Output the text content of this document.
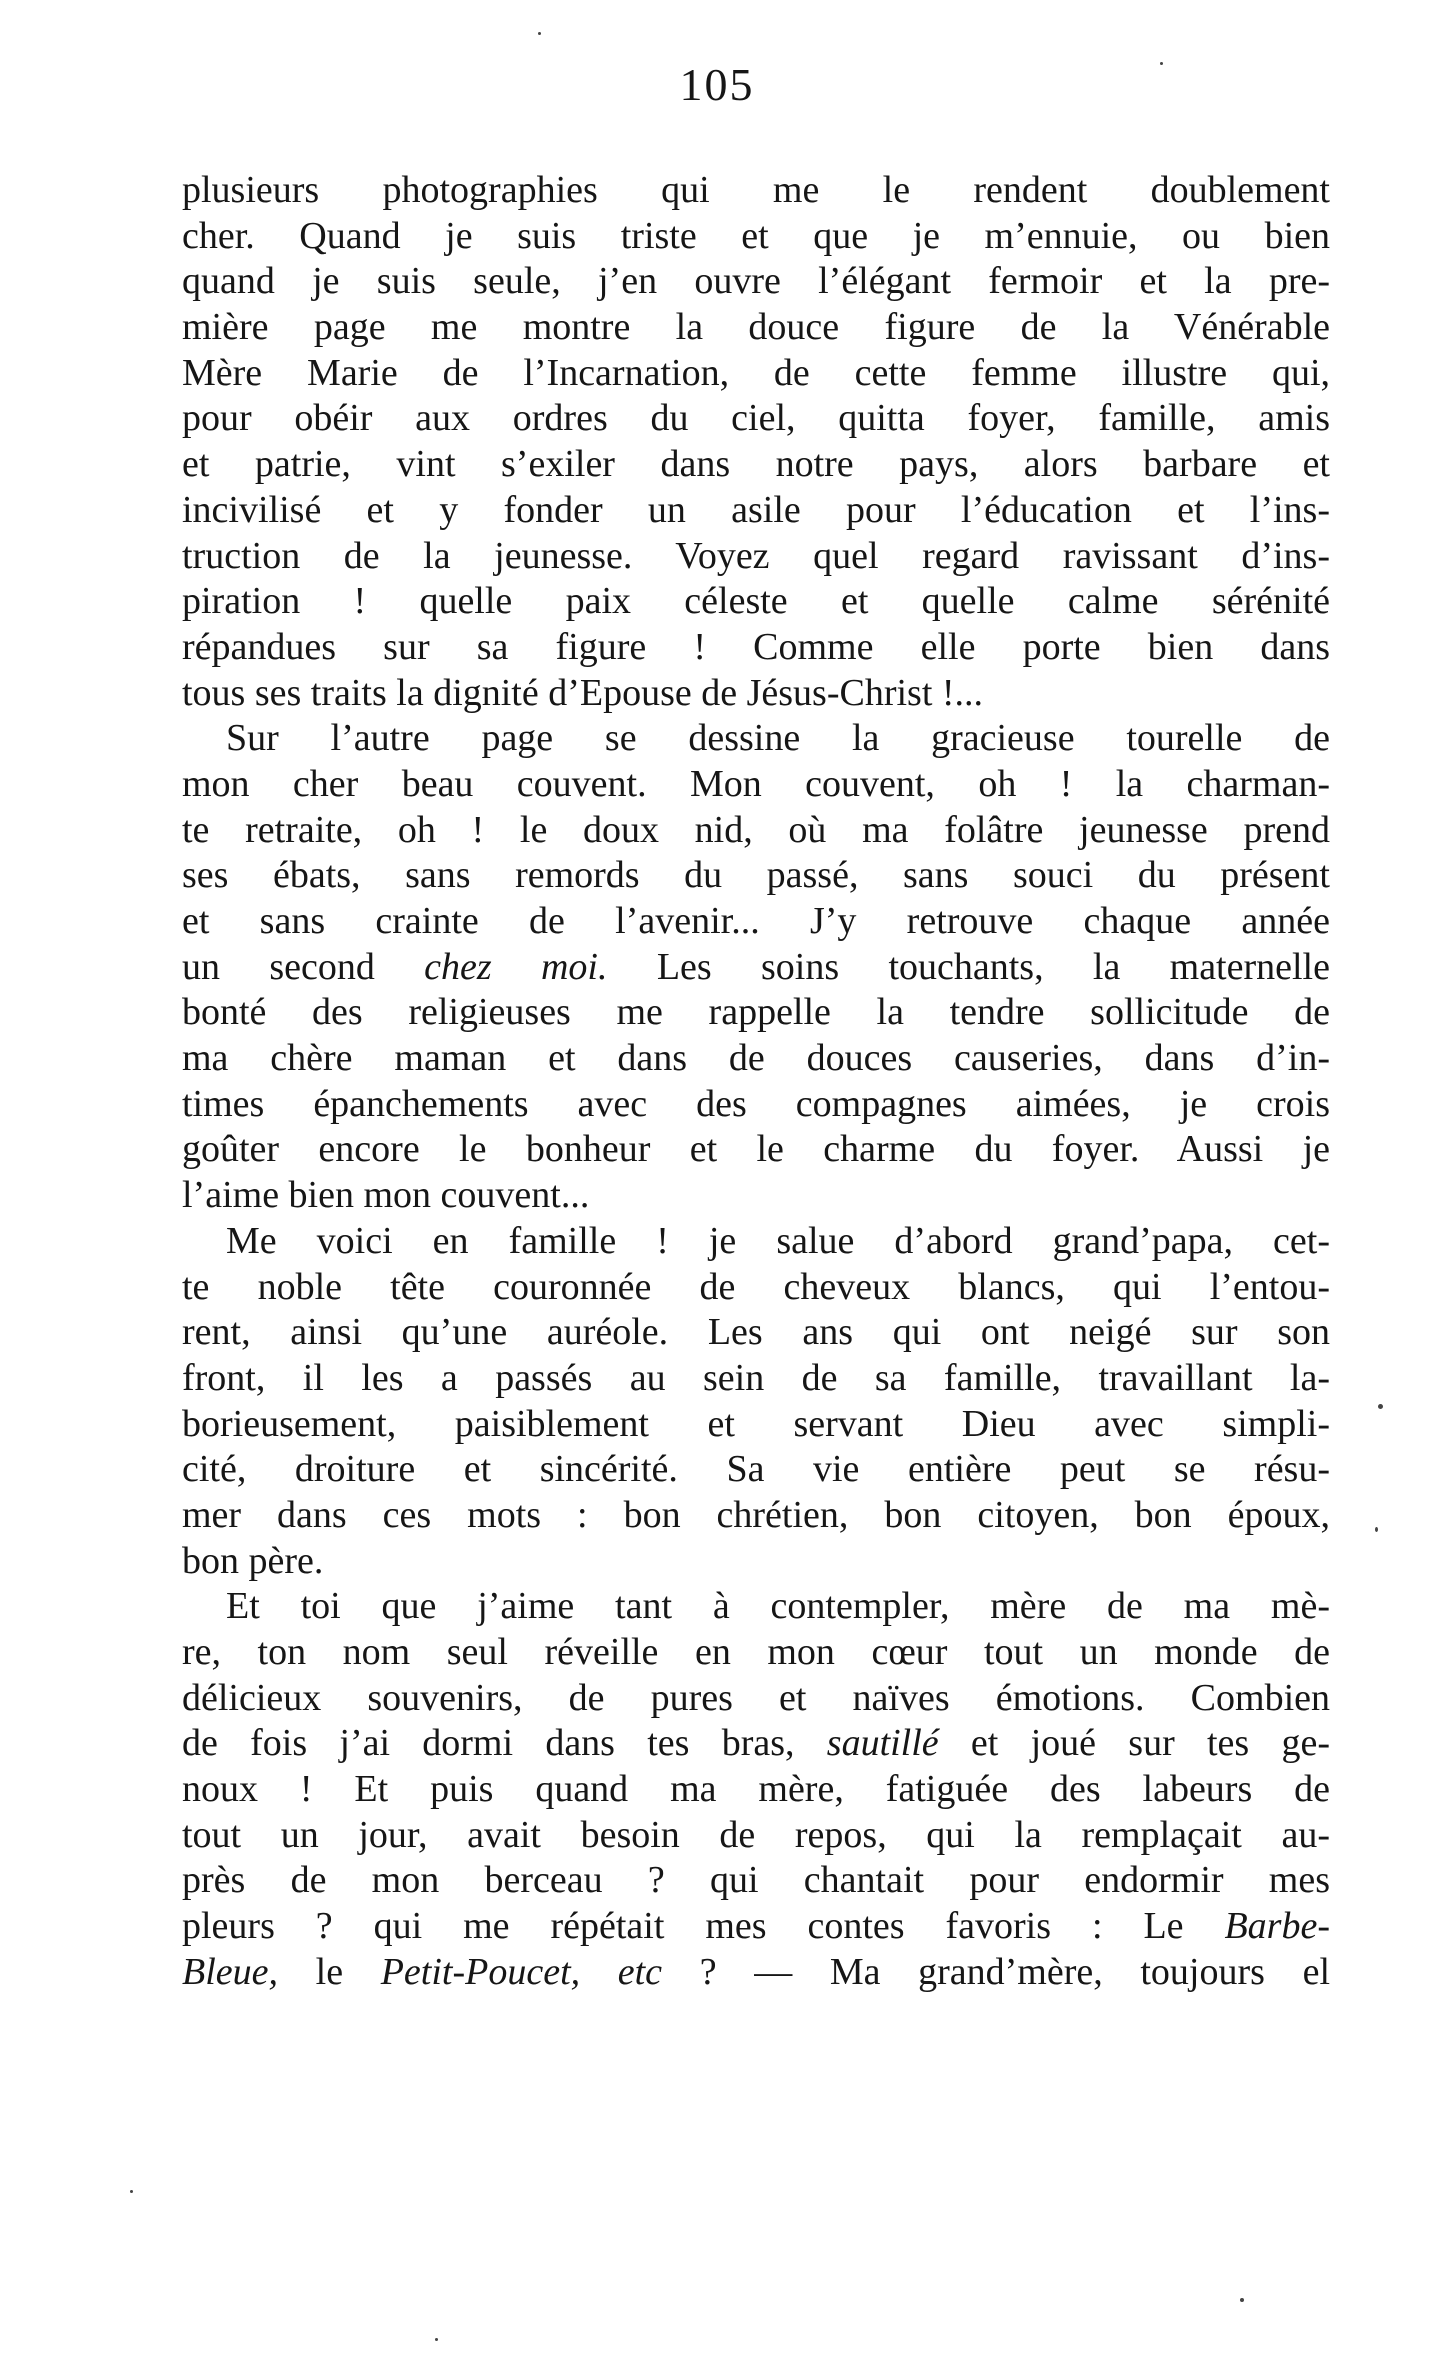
105
plusieurs photographies qui me le rendent doublement
cher. Quand je suis triste et que je m’ennuie, ou bien
quand je suis seule, j’en ouvre l’élégant fermoir et la pre-
mière page me montre la douce figure de la Vénérable
Mère Marie de l’Incarnation, de cette femme illustre qui,
pour obéir aux ordres du ciel, quitta foyer, famille, amis
et patrie, vint s’exiler dans notre pays, alors barbare et
incivilisé et y fonder un asile pour l’éducation et l’ins-
truction de la jeunesse. Voyez quel regard ravissant d’ins-
piration ! quelle paix céleste et quelle calme sérénité
répandues sur sa figure ! Comme elle porte bien dans
tous ses traits la dignité d’Epouse de Jésus-Christ !...
Sur l’autre page se dessine la gracieuse tourelle de
mon cher beau couvent. Mon couvent, oh ! la charman-
te retraite, oh ! le doux nid, où ma folâtre jeunesse prend
ses ébats, sans remords du passé, sans souci du présent
et sans crainte de l’avenir... J’y retrouve chaque année
un second chez moi. Les soins touchants, la maternelle
bonté des religieuses me rappelle la tendre sollicitude de
ma chère maman et dans de douces causeries, dans d’in-
times épanchements avec des compagnes aimées, je crois
goûter encore le bonheur et le charme du foyer. Aussi je
l’aime bien mon couvent...
Me voici en famille ! je salue d’abord grand’papa, cet-
te noble tête couronnée de cheveux blancs, qui l’entou-
rent, ainsi qu’une auréole. Les ans qui ont neigé sur son
front, il les a passés au sein de sa famille, travaillant la-
borieusement, paisiblement et servant Dieu avec simpli-
cité, droiture et sincérité. Sa vie entière peut se résu-
mer dans ces mots : bon chrétien, bon citoyen, bon époux,
bon père.
Et toi que j’aime tant à contempler, mère de ma mè-
re, ton nom seul réveille en mon cœur tout un monde de
délicieux souvenirs, de pures et naïves émotions. Combien
de fois j’ai dormi dans tes bras, sautillé et joué sur tes ge-
noux ! Et puis quand ma mère, fatiguée des labeurs de
tout un jour, avait besoin de repos, qui la remplaçait au-
près de mon berceau ? qui chantait pour endormir mes
pleurs ? qui me répétait mes contes favoris : Le Barbe-
Bleue, le Petit-Poucet, etc ? — Ma grand’mère, toujours el
